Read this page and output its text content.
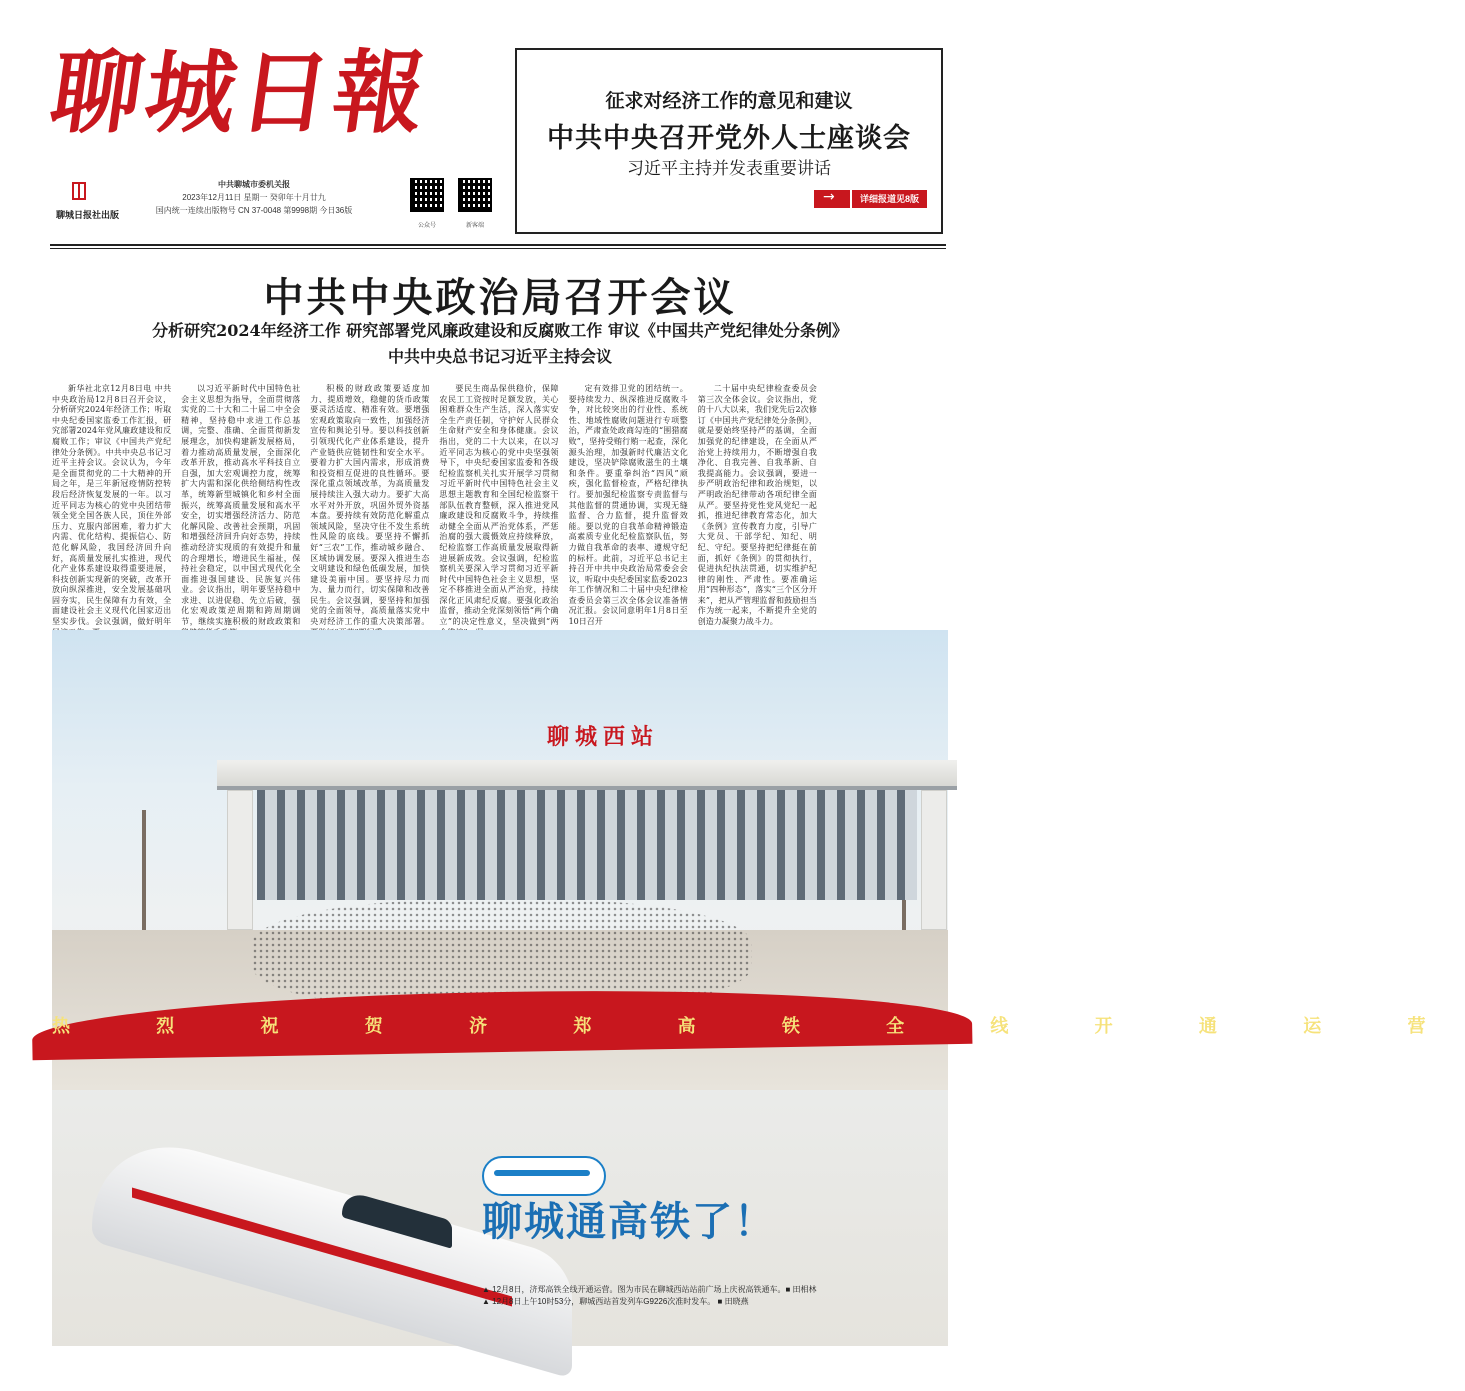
聊城日報
聊城日报社出版
中共聊城市委机关报
2023年12月11日 星期一 癸卯年十月廿九
国内统一连续出版物号 CN 37-0048 第9998期 今日36版
公众号	新客端
征求对经济工作的意见和建议
中共中央召开党外人士座谈会
习近平主持并发表重要讲话
→
详细报道见8版
中共中央政治局召开会议
分析研究2024年经济工作 研究部署党风廉政建设和反腐败工作 审议《中国共产党纪律处分条例》
中共中央总书记习近平主持会议

新华社北京12月8日电 中共中央政治局12月8日召开会议，分析研究2024年经济工作；听取中央纪委国家监委工作汇报，研究部署2024年党风廉政建设和反腐败工作；审议《中国共产党纪律处分条例》。中共中央总书记习近平主持会议。会议认为，今年是全面贯彻党的二十大精神的开局之年，是三年新冠疫情防控转段后经济恢复发展的一年。以习近平同志为核心的党中央团结带领全党全国各族人民，顶住外部压力、克服内部困难，着力扩大内需、优化结构、提振信心、防范化解风险，我国经济回升向好，高质量发展扎实推进，现代化产业体系建设取得重要进展，科技创新实现新的突破，改革开放向纵深推进，安全发展基础巩固夯实，民生保障有力有效，全面建设社会主义现代化国家迈出坚实步伐。会议强调，做好明年

以习近平新时代中国特色社会主义思想为指导，全面贯彻落实党的二十大和二十届二中全会精神，坚持稳中求进工作总基调，完整、准确、全面贯彻新发展理念，加快构建新发展格局，着力推动高质量发展，全面深化改革开放，推动高水平科技自立自强，加大宏观调控力度，统筹扩大内需和深化供给侧结构性改革，统筹新型城镇化和乡村全面振兴，统筹高质量发展和高水平安全，切实增强经济活力、防范化解风险、改善社会预期，巩固和增强经济回升向好态势，持续推动经济实现质的有效提升和量的合理增长，增进民生福祉，保持社会稳定，以中国式现代化全面推进强国建设、民族复兴伟业。会议指出，明年要坚持稳中求进、以进促稳、先立后破，强化宏观政策逆周期和跨周期调节，继续实施积极的财政政策和

积极的财政政策要适度加力、提质增效，稳健的货币政策要灵活适度、精准有效。要增强宏观政策取向一致性，加强经济宣传和舆论引导。要以科技创新引领现代化产业体系建设，提升产业链供应链韧性和安全水平。要着力扩大国内需求，形成消费和投资相互促进的良性循环。要深化重点领域改革，为高质量发展持续注入强大动力。要扩大高水平对外开放，巩固外贸外资基本盘。要持续有效防范化解重点领域风险，坚决守住不发生系统性风险的底线。要坚持不懈抓好“三农”工作，推动城乡融合、区域协调发展。要深入推进生态文明建设和绿色低碳发展，加快建设美丽中国。要坚持尽力而为、量力而行，切实保障和改善民生。会议强调，要坚持和加强党的全面领导，高质量落实党中央对经济工作的重大决策部署。

要民生商品保供稳价，保障农民工工资按时足额发放，关心困难群众生产生活，深入落实安全生产责任制，守护好人民群众生命财产安全和身体健康。会议指出，党的二十大以来，在以习近平同志为核心的党中央坚强领导下，中央纪委国家监委和各级纪检监察机关扎实开展学习贯彻习近平新时代中国特色社会主义思想主题教育和全国纪检监察干部队伍教育整顿，深入推进党风廉政建设和反腐败斗争，持续推动健全全面从严治党体系，严惩治腐的强大震慑效应持续释放，纪检监察工作高质量发展取得新进展新成效。会议强调，纪检监察机关要深入学习贯彻习近平新时代中国特色社会主义思想，坚定不移推进全面从严治党，持续深化正风肃纪反腐。要强化政治监督，推动全党深刻领悟“两个确立”的决定性意义，坚决做到“两

定有效排卫党的团结统一。要持续发力、纵深推进反腐败斗争，对比较突出的行业性、系统性、地域性腐败问题进行专项整治，严肃查处政商勾连的“围猎腐败”，坚持受贿行贿一起查，深化源头治理，加强新时代廉洁文化建设，坚决铲除腐败滋生的土壤和条件。要重拳纠治“四风”顽疾，强化监督检查，严格纪律执行。要加强纪检监察专责监督与其他监督的贯通协调，实现无缝监督、合力监督，提升监督效能。要以党的自我革命精神锻造高素质专业化纪检监察队伍，努力做自我革命的表率、遵规守纪的标杆。此前，习近平总书记主持召开中共中央政治局常委会会议，听取中央纪委国家监委2023年工作情况和二十届中央纪律检查委员会第三次全体会议准备情况汇报。会议同意明年1月8日至10日召开

二十届中央纪律检查委员会第三次全体会议。会议指出，党的十八大以来，我们党先后2次修订《中国共产党纪律处分条例》，就是要始终坚持严的基调，全面加强党的纪律建设，在全面从严治党上持续用力，不断增强自我净化、自我完善、自我革新、自我提高能力。会议强调，要进一步严明政治纪律和政治规矩，以严明政治纪律带动各项纪律全面从严。要坚持党性党风党纪一起抓，推进纪律教育常态化，加大《条例》宣传教育力度，引导广大党员、干部学纪、知纪、明纪、守纪。要坚持把纪律挺在前面，抓好《条例》的贯彻执行，促进执纪执法贯通，切实维护纪律的刚性、严肃性。要准确运用“四种形态”，落实“三个区分开来”，把从严管理监督和鼓励担当作为统一起来，不断提升全党的创造力凝聚力战斗力。

聊城西站
热 烈 祝 贺 济 郑 高 铁 全 线 开 通 运 营
聊城通高铁了！
▲ 12月8日，济郑高铁全线开通运营。图为市民在聊城西站站前广场上庆祝高铁通车。■ 田相林
▲ 12月8日上午10时53分，聊城西站首发列车G9226次准时发车。 ■ 田晓燕
